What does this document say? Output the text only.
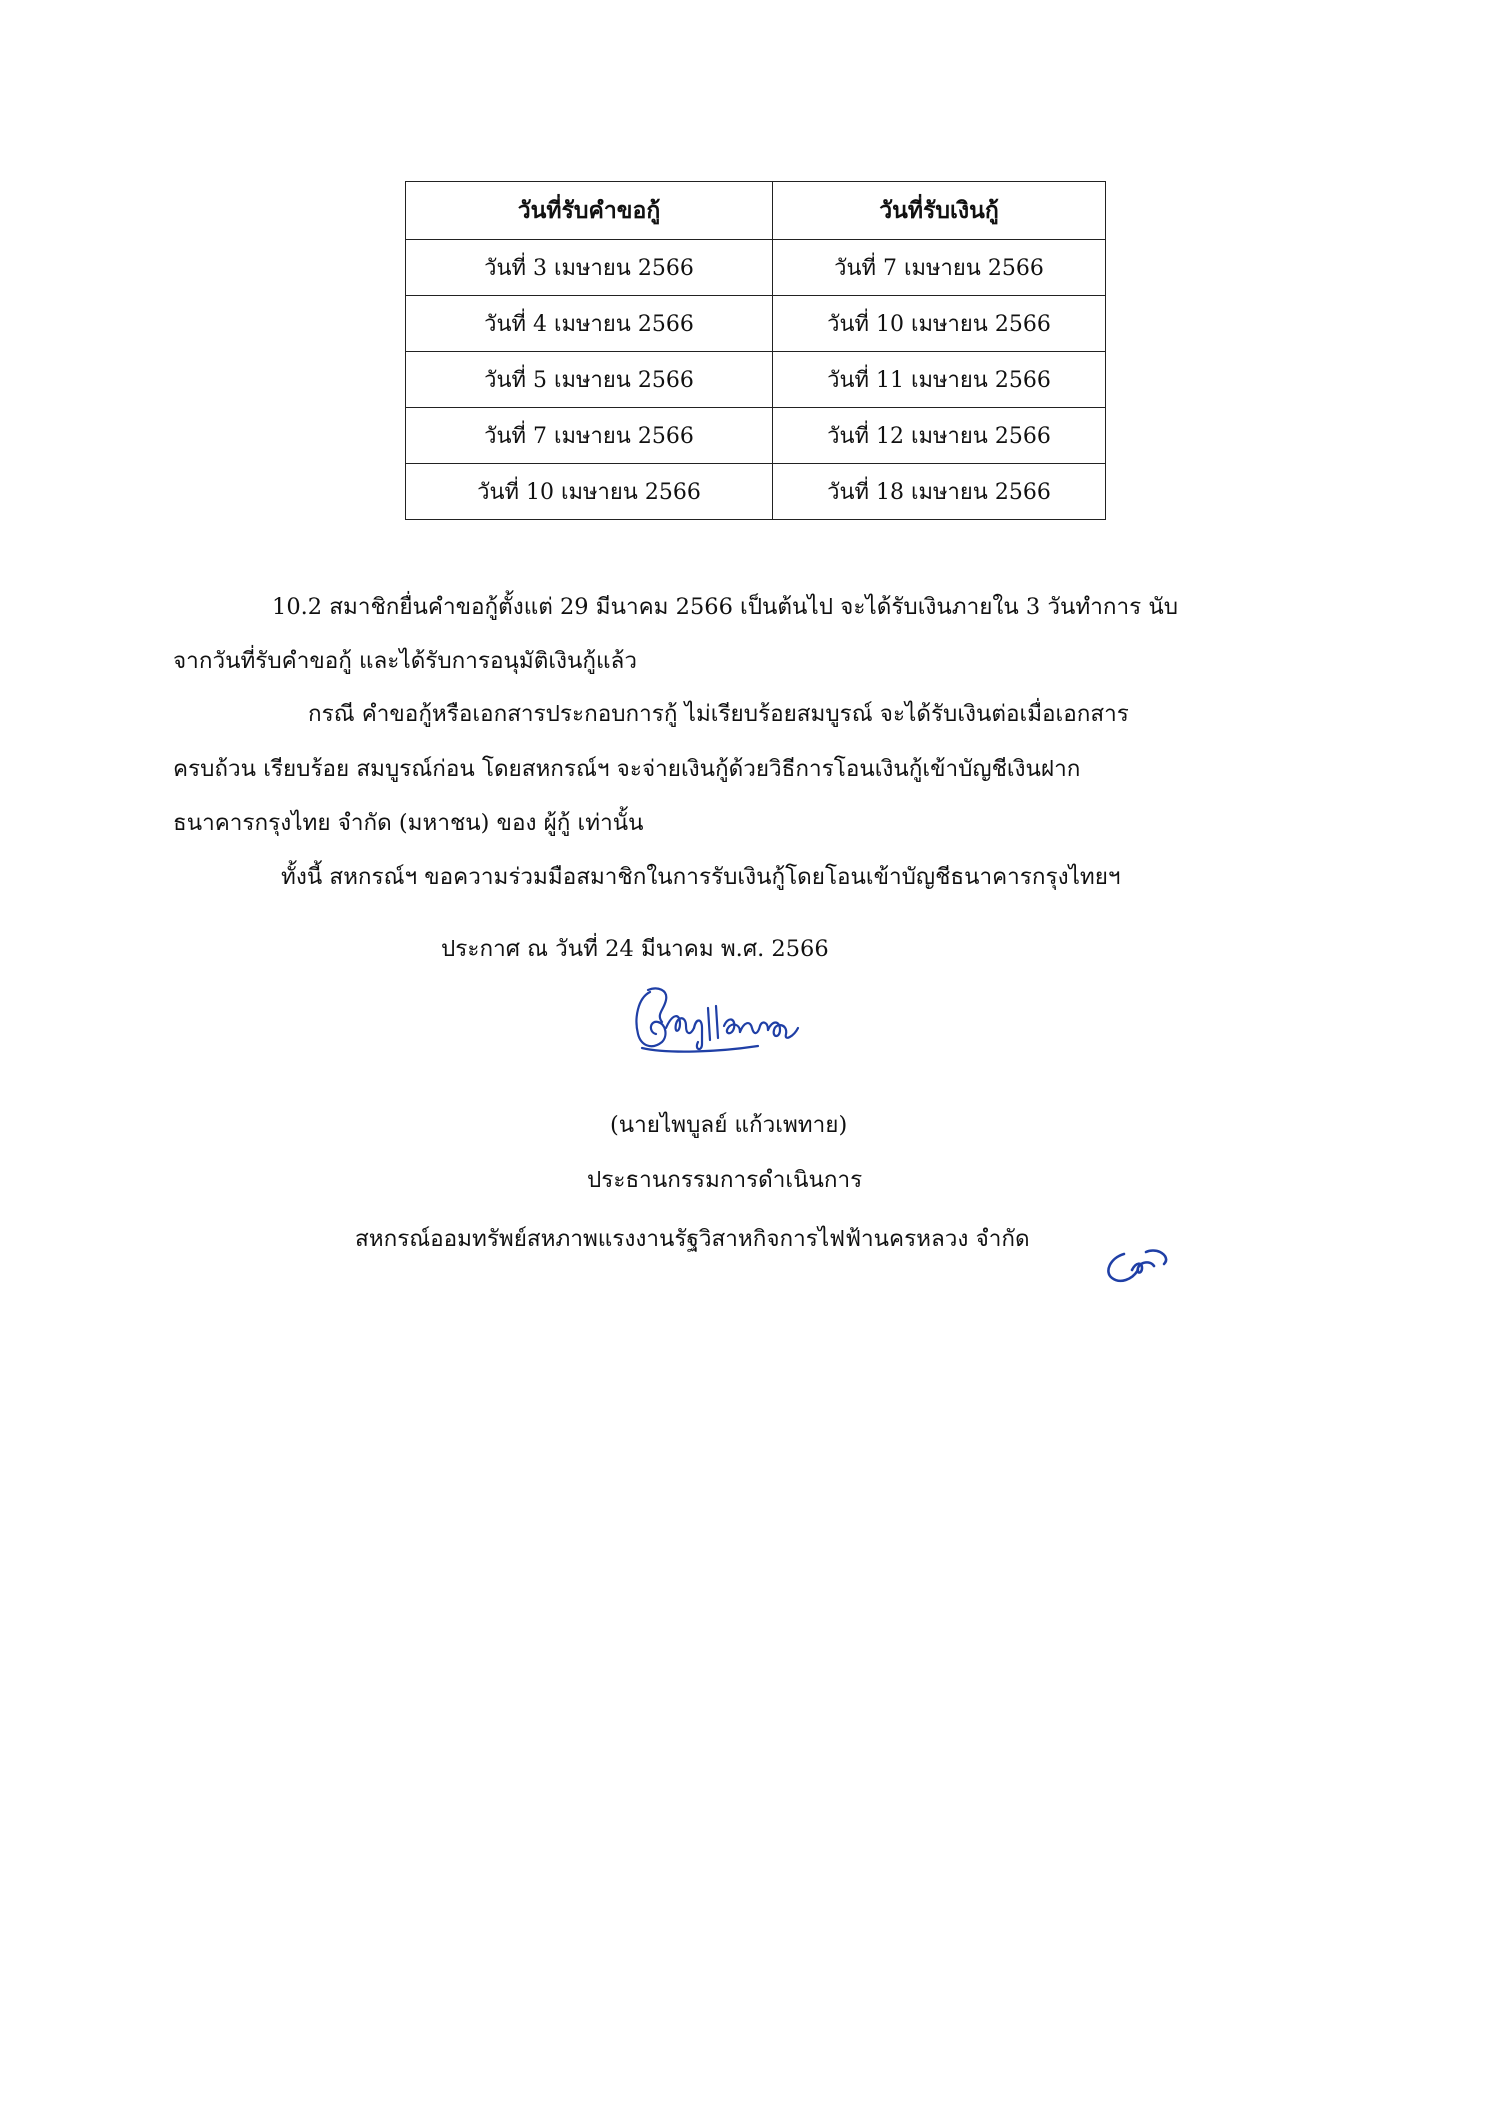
วันที่รับคำขอกู้	วันที่รับเงินกู้
วันที่ 3 เมษายน 2566	วันที่ 7 เมษายน 2566
วันที่ 4 เมษายน 2566	วันที่ 10 เมษายน 2566
วันที่ 5 เมษายน 2566	วันที่ 11 เมษายน 2566
วันที่ 7 เมษายน 2566	วันที่ 12 เมษายน 2566
วันที่ 10 เมษายน 2566	วันที่ 18 เมษายน 2566
10.2 สมาชิกยื่นคำขอกู้ตั้งแต่ 29 มีนาคม 2566 เป็นต้นไป จะได้รับเงินภายใน 3 วันทำการ นับ
จากวันที่รับคำขอกู้ และได้รับการอนุมัติเงินกู้แล้ว
กรณี คำขอกู้หรือเอกสารประกอบการกู้ ไม่เรียบร้อยสมบูรณ์ จะได้รับเงินต่อเมื่อเอกสาร
ครบถ้วน เรียบร้อย สมบูรณ์ก่อน โดยสหกรณ์ฯ จะจ่ายเงินกู้ด้วยวิธีการโอนเงินกู้เข้าบัญชีเงินฝาก
ธนาคารกรุงไทย จำกัด (มหาชน) ของ ผู้กู้ เท่านั้น
ทั้งนี้ สหกรณ์ฯ ขอความร่วมมือสมาชิกในการรับเงินกู้โดยโอนเข้าบัญชีธนาคารกรุงไทยฯ
ประกาศ ณ วันที่ 24 มีนาคม พ.ศ. 2566
(นายไพบูลย์ แก้วเพทาย)
ประธานกรรมการดำเนินการ
สหกรณ์ออมทรัพย์สหภาพแรงงานรัฐวิสาหกิจการไฟฟ้านครหลวง จำกัด
